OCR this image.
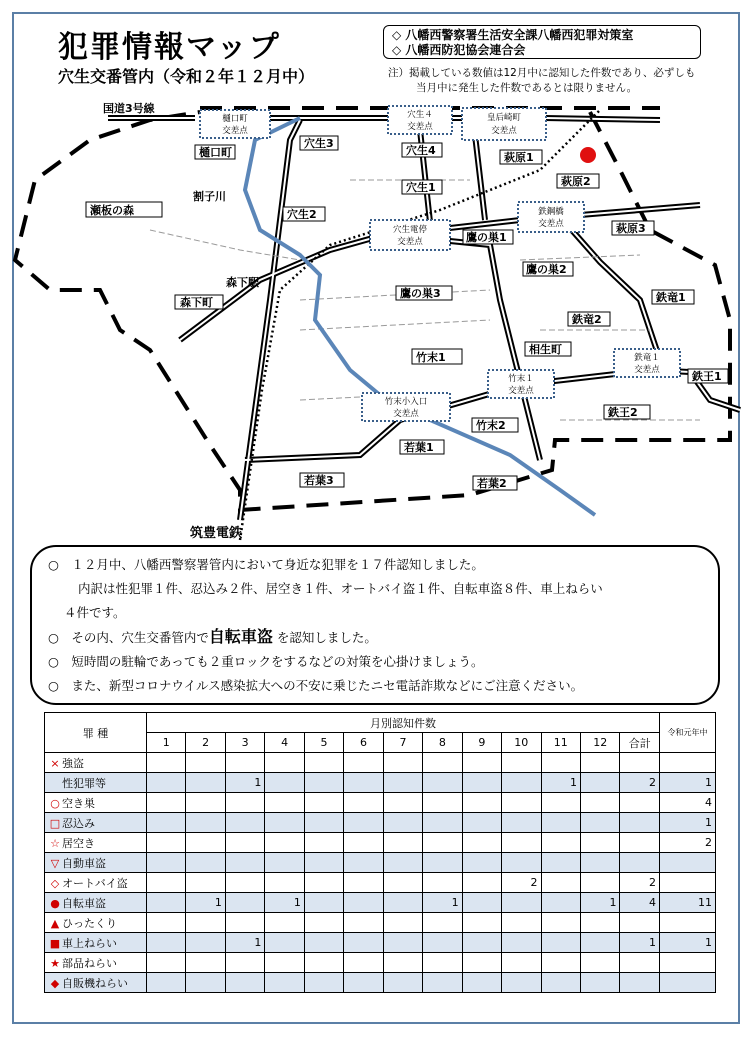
犯罪情報マップ
穴生交番管内（令和２年１２月中）
◇ 八幡西警察署生活安全課八幡西犯罪対策室
◇ 八幡西防犯協会連合会
注）掲載している数値は12月中に認知した件数であり、必ずしも
当月中に発生した件数であるとは限りません。
国道3号線
割子川
森下駅
筑豊電鉄
樋口町
瀬板の森
森下町
穴生3
穴生2
穴生4
穴生1
萩原1
萩原2
萩原3
鷹の巣1
鷹の巣2
鷹の巣3	鉄竜1
鉄竜2
竹末1
相生町
鉄王1
鉄王2
竹末2
若葉1
若葉3	若葉2
樋口町
交差点
穴生４
交差点
皇后崎町
交差点
鉄鋼橋
交差点
穴生電停
交差点
鉄竜１
交差点
竹末１
交差点
竹末小入口
交差点
○　１２月中、八幡西警察署管内において身近な犯罪を１７件認知しました。
内訳は性犯罪１件、忍込み２件、居空き１件、オートバイ盗１件、自転車盗８件、車上ねらい
４件です。
○　その内、穴生交番管内で自転車盗 を認知しました。
○　短時間の駐輪であっても２重ロックをするなどの対策を心掛けましょう。
○　また、新型コロナウイルス感染拡大への不安に乗じたニセ電話詐欺などにご注意ください。
罪 種	月別認知件数													令和元年中
	1	2	3	4	5	6	7	8	9	10	11	12	合計	
× 強盗														
性犯罪等			1								1		2	1
○ 空き巣														4
□ 忍込み														1
☆ 居空き														2
▽ 自動車盗														
◇ オートバイ盗										2			2	
● 自転車盗		1		1				1				1	4	11
▲ ひったくり														
■ 車上ねらい			1										1	1
★ 部品ねらい														
◆ 自販機ねらい														
